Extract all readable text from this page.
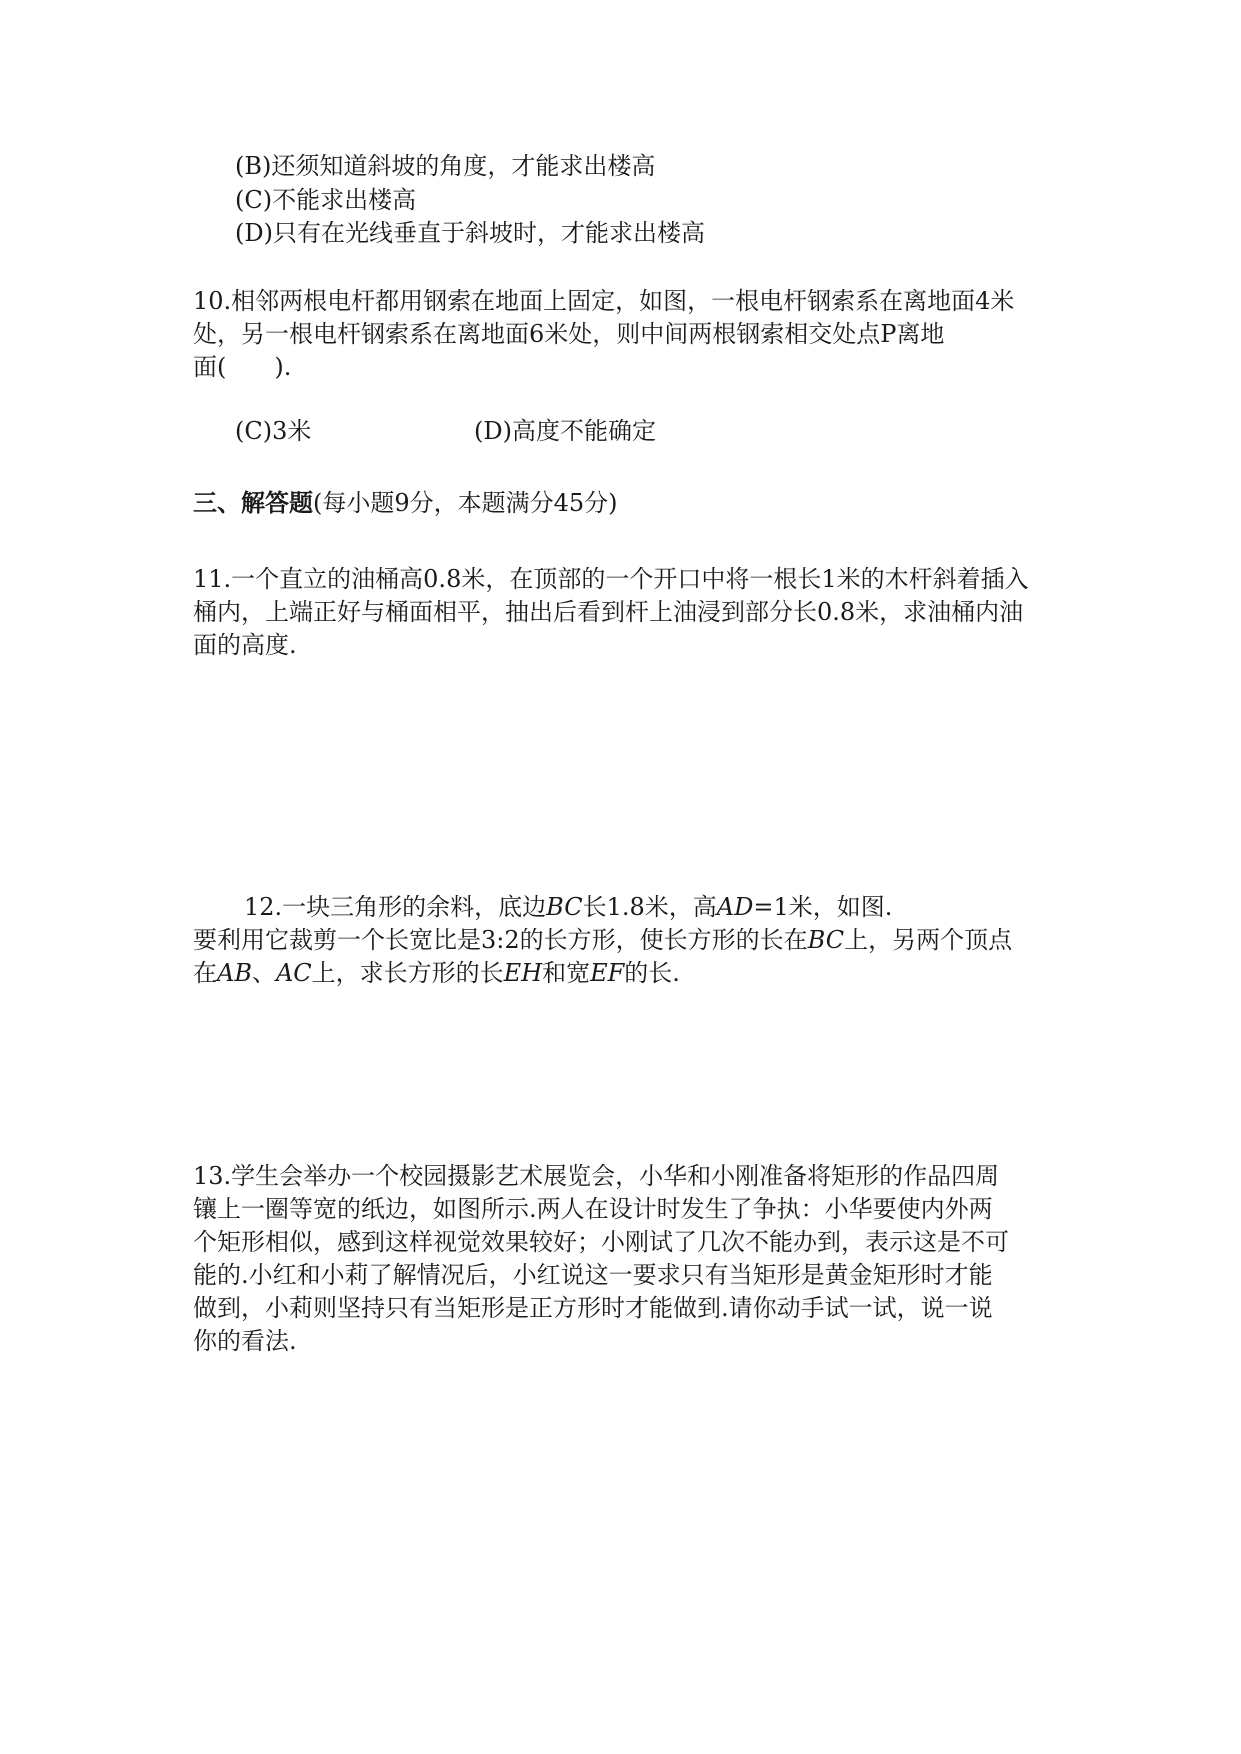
(B)还须知道斜坡的角度，才能求出楼高
(C)不能求出楼高
(D)只有在光线垂直于斜坡时，才能求出楼高
10.相邻两根电杆都用钢索在地面上固定，如图，一根电杆钢索系在离地面4米
处，另一根电杆钢索系在离地面6米处，则中间两根钢索相交处点P离地
面(　　).
(C)3米	(D)高度不能确定
三、解答题(每小题9分，本题满分45分)
11.一个直立的油桶高0.8米，在顶部的一个开口中将一根长1米的木杆斜着插入
桶内，上端正好与桶面相平，抽出后看到杆上油浸到部分长0.8米，求油桶内油
面的高度.
12.一块三角形的余料，底边BC长1.8米，高AD=1米，如图.
要利用它裁剪一个长宽比是3:2的长方形，使长方形的长在BC上，另两个顶点
在AB、AC上，求长方形的长EH和宽EF的长.
13.学生会举办一个校园摄影艺术展览会，小华和小刚准备将矩形的作品四周
镶上一圈等宽的纸边，如图所示.两人在设计时发生了争执：小华要使内外两
个矩形相似，感到这样视觉效果较好；小刚试了几次不能办到，表示这是不可
能的.小红和小莉了解情况后，小红说这一要求只有当矩形是黄金矩形时才能
做到，小莉则坚持只有当矩形是正方形时才能做到.请你动手试一试，说一说
你的看法.
